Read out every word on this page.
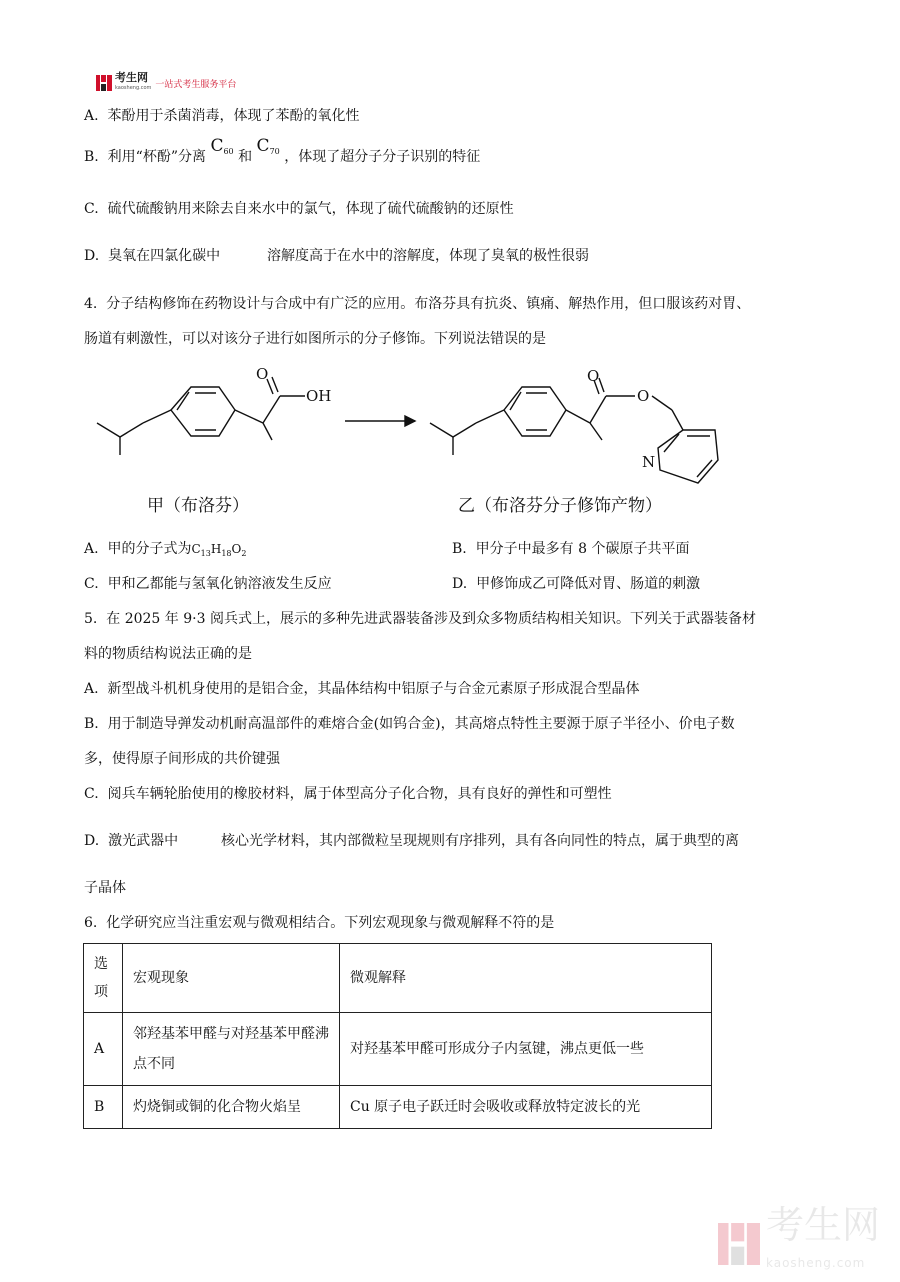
考生网
kaosheng.com 一站式考生服务平台
A. 苯酚用于杀菌消毒，体现了苯酚的氧化性
B. 利用“杯酚”分离 $C_{60}$ 和 $C_{70}$ ，体现了超分子分子识别的特征
C. 硫代硫酸钠用来除去自来水中的氯气，体现了硫代硫酸钠的还原性
D. 臭氧在四氯化碳中	溶解度高于在水中的溶解度，体现了臭氧的极性很弱
4. 分子结构修饰在药物设计与合成中有广泛的应用。布洛芬具有抗炎、镇痛、解热作用，但口服该药对胃、
肠道有刺激性，可以对该分子进行如图所示的分子修饰。下列说法错误的是
O
OH
O
O
N
甲（布洛芬）	乙（布洛芬分子修饰产物）
A. 甲的分子式为$C_{13}H_{18}O_2$	B. 甲分子中最多有 8 个碳原子共平面
C. 甲和乙都能与氢氧化钠溶液发生反应	D. 甲修饰成乙可降低对胃、肠道的刺激
5. 在 2025 年 9·3 阅兵式上，展示的多种先进武器装备涉及到众多物质结构相关知识。下列关于武器装备材
料的物质结构说法正确的是
A. 新型战斗机机身使用的是铝合金，其晶体结构中铝原子与合金元素原子形成混合型晶体
B. 用于制造导弹发动机耐高温部件的难熔合金(如钨合金)，其高熔点特性主要源于原子半径小、价电子数
多，使得原子间形成的共价键强
C. 阅兵车辆轮胎使用的橡胶材料，属于体型高分子化合物，具有良好的弹性和可塑性
D. 激光武器中	核心光学材料，其内部微粒呈现规则有序排列，具有各向同性的特点，属于典型的离
子晶体
6. 化学研究应当注重宏观与微观相结合。下列宏观现象与微观解释不符的是
选项	宏观现象	微观解释
A	邻羟基苯甲醛与对羟基苯甲醛沸点不同	对羟基苯甲醛可形成分子内氢键，沸点更低一些
B	灼烧铜或铜的化合物火焰呈	Cu 原子电子跃迁时会吸收或释放特定波长的光
考生网
kaosheng.com
